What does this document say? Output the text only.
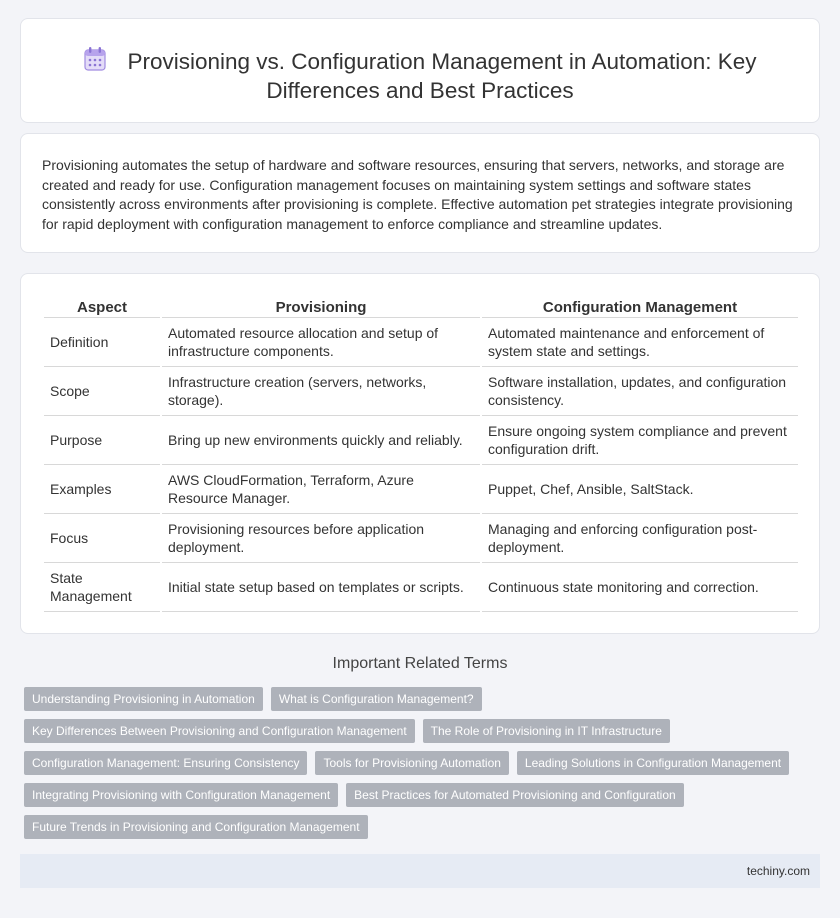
Provisioning vs. Configuration Management in Automation: Key Differences and Best Practices

Provisioning automates the setup of hardware and software resources, ensuring that servers, networks, and storage are created and ready for use. Configuration management focuses on maintaining system settings and software states consistently across environments after provisioning is complete. Effective automation pet strategies integrate provisioning for rapid deployment with configuration management to enforce compliance and streamline updates.

Aspect	Provisioning	Configuration Management
Definition	Automated resource allocation and setup of infrastructure components.	Automated maintenance and enforcement of system state and settings.
Scope	Infrastructure creation (servers, networks, storage).	Software installation, updates, and configuration consistency.
Purpose	Bring up new environments quickly and reliably.	Ensure ongoing system compliance and prevent configuration drift.
Examples	AWS CloudFormation, Terraform, Azure Resource Manager.	Puppet, Chef, Ansible, SaltStack.
Focus	Provisioning resources before application deployment.	Managing and enforcing configuration post-deployment.
State Management	Initial state setup based on templates or scripts.	Continuous state monitoring and correction.
Important Related Terms
Understanding Provisioning in Automation	What is Configuration Management?
Key Differences Between Provisioning and Configuration Management	The Role of Provisioning in IT Infrastructure
Configuration Management: Ensuring Consistency	Tools for Provisioning Automation	Leading Solutions in Configuration Management
Integrating Provisioning with Configuration Management	Best Practices for Automated Provisioning and Configuration
Future Trends in Provisioning and Configuration Management
techiny.com
